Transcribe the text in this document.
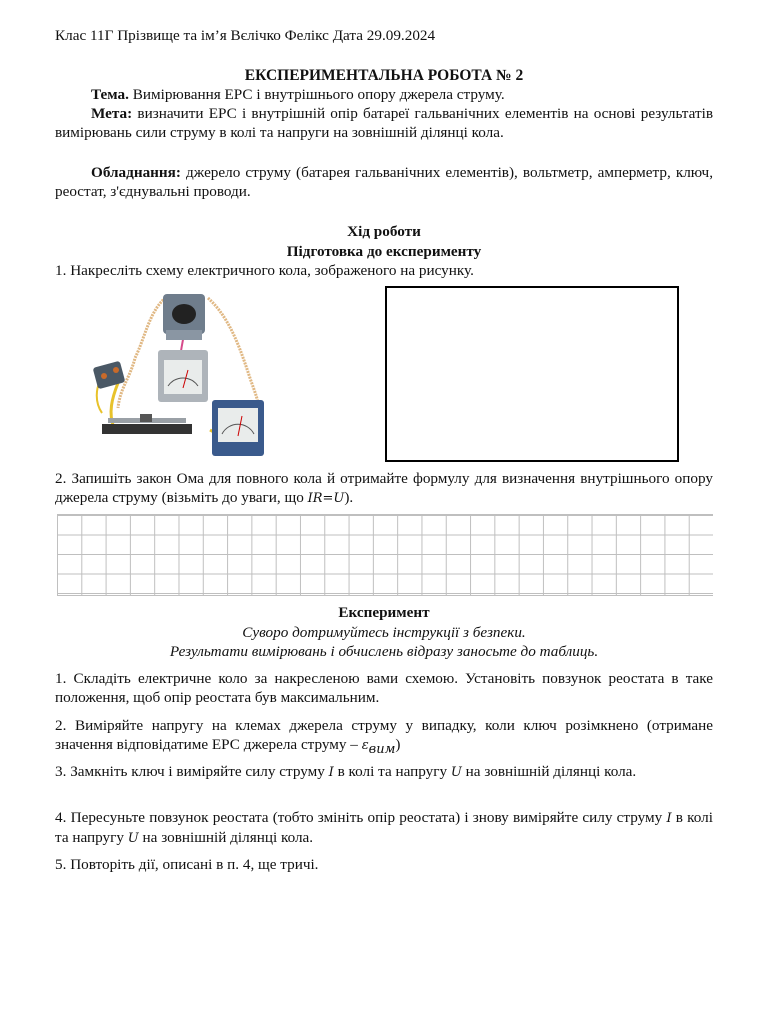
Клас 11Г Прізвище та ім’я Вєлічко Фелікс Дата 29.09.2024
ЕКСПЕРИМЕНТАЛЬНА РОБОТА № 2
Тема. Вимірювання ЕРС і внутрішнього опору джерела струму.
Мета: визначити ЕРС і внутрішній опір батареї гальванічних елементів на основі результатів вимірювань сили струму в колі та напруги на зовнішній ділянці кола.
Обладнання: джерело струму (батарея гальванічних елементів), вольтметр, амперметр, ключ, реостат, з'єднувальні проводи.
Хід роботи
Підготовка до експерименту
1. Накресліть схему електричного кола, зображеного на рисунку.
2. Запишіть закон Ома для повного кола й отримайте формулу для визначення внутрішнього опору джерела струму (візьміть до уваги, що IR=U).
Експеримент
Суворо дотримуйтесь інструкції з безпеки.
Результати вимірювань і обчислень відразу заносьте до таблиць.
1. Складіть електричне коло за накресленою вами схемою. Установіть повзунок реостата в таке положення, щоб опір реостата був максимальним.
2. Виміряйте напругу на клемах джерела струму у випадку, коли ключ розімкнено (отримане значення відповідатиме ЕРС джерела струму – $\varepsilon_{вим}$)
3. Замкніть ключ і виміряйте силу струму I в колі та напругу U на зовнішній ділянці кола.
4. Пересуньте повзунок реостата (тобто змініть опір реостата) і знову виміряйте силу струму I в колі та напругу U на зовнішній ділянці кола.
5. Повторіть дії, описані в п. 4, ще тричі.
